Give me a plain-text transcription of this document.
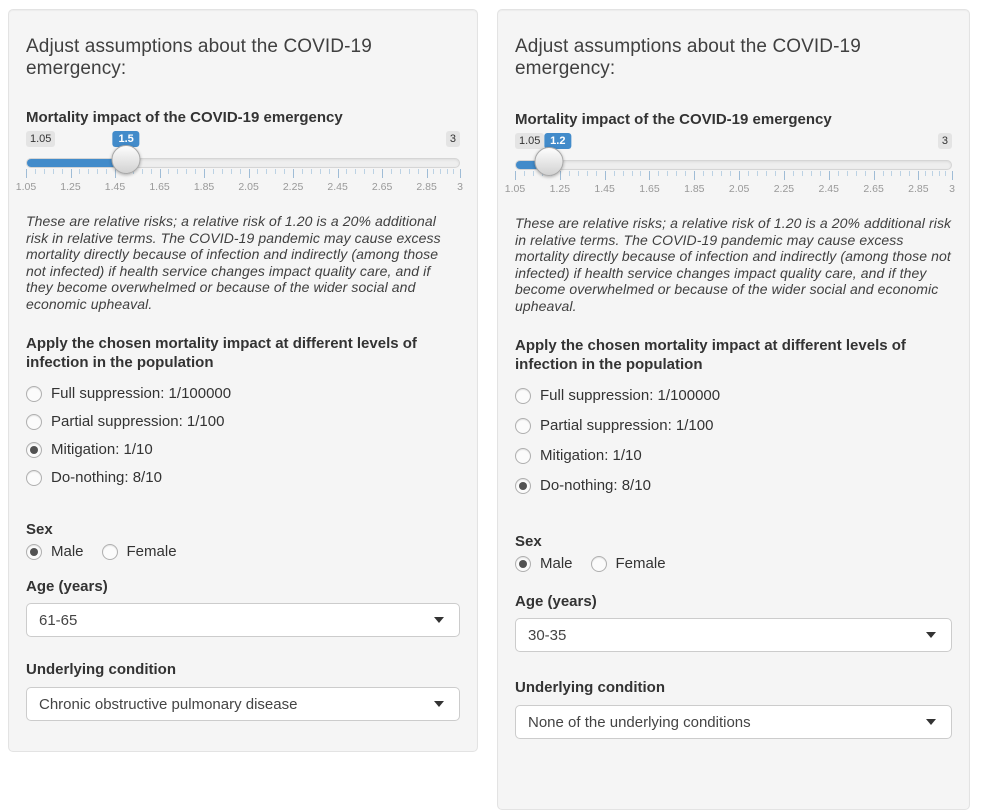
Adjust assumptions about the COVID-19 emergency:
Mortality impact of the COVID-19 emergency
1.05	3
1.5
1.05 1.25 1.45 1.65 1.85 2.05 2.25 2.45 2.65 2.85 3

These are relative risks; a relative risk of 1.20 is a 20% additional risk in relative terms. The COVID-19 pandemic may cause excess mortality directly because of infection and indirectly (among those not infected) if health service changes impact quality care, and if they become overwhelmed or because of the wider social and economic upheaval.

Apply the chosen mortality impact at different levels of infection in the population
Full suppression: 1/100000
Partial suppression: 1/100
Mitigation: 1/10
Do-nothing: 8/10
Sex
Male	Female
Age (years)
61-65
Underlying condition
Chronic obstructive pulmonary disease
Adjust assumptions about the COVID-19 emergency:
Mortality impact of the COVID-19 emergency
1.05	3
1.2
1.05 1.25 1.45 1.65 1.85 2.05 2.25 2.45 2.65 2.85 3

These are relative risks; a relative risk of 1.20 is a 20% additional risk in relative terms. The COVID-19 pandemic may cause excess mortality directly because of infection and indirectly (among those not infected) if health service changes impact quality care, and if they become overwhelmed or because of the wider social and economic upheaval.

Apply the chosen mortality impact at different levels of infection in the population
Full suppression: 1/100000
Partial suppression: 1/100
Mitigation: 1/10
Do-nothing: 8/10
Sex
Male	Female
Age (years)
30-35
Underlying condition
None of the underlying conditions
